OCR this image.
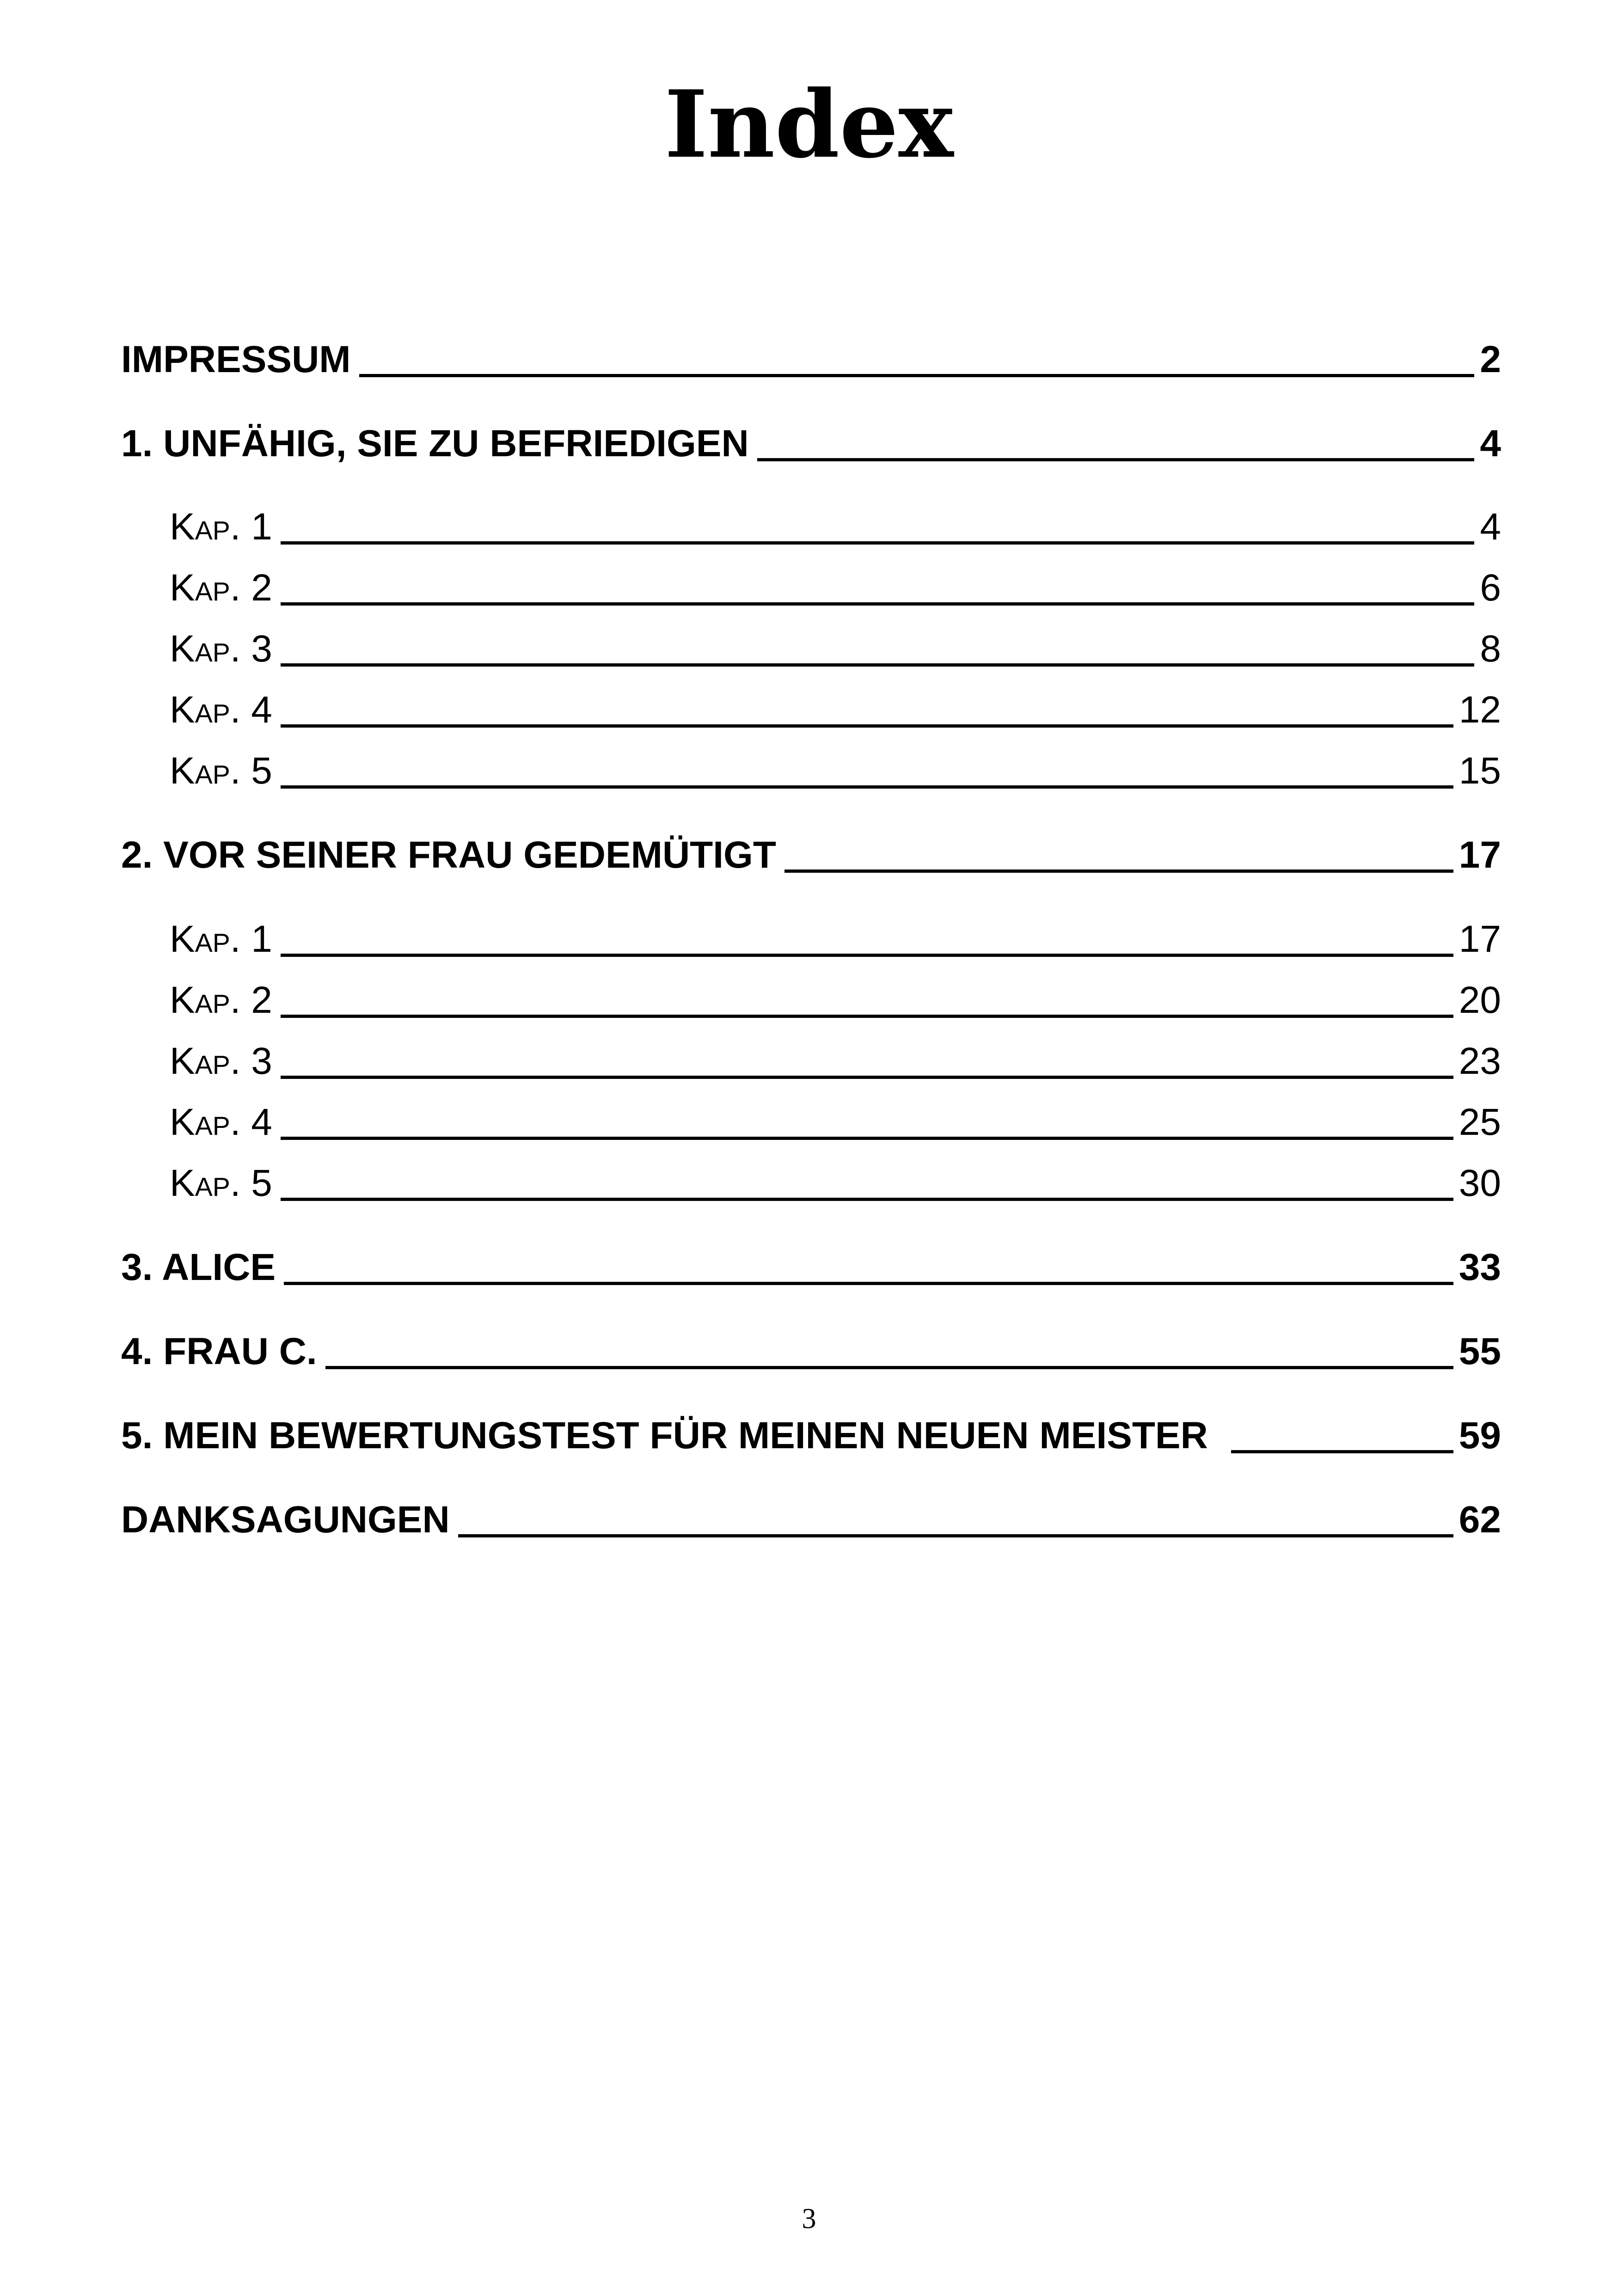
Index
IMPRESSUM	2
1. UNFÄHIG, SIE ZU BEFRIEDIGEN	4
Kap. 1	4
Kap. 2	6
Kap. 3	8
Kap. 4	12
Kap. 5	15
2. VOR SEINER FRAU GEDEMÜTIGT	17
Kap. 1	17
Kap. 2	20
Kap. 3	23
Kap. 4	25
Kap. 5	30
3. ALICE	33
4. FRAU C.	55
5. MEIN BEWERTUNGSTEST FÜR MEINEN NEUEN MEISTER	59
DANKSAGUNGEN	62
3
